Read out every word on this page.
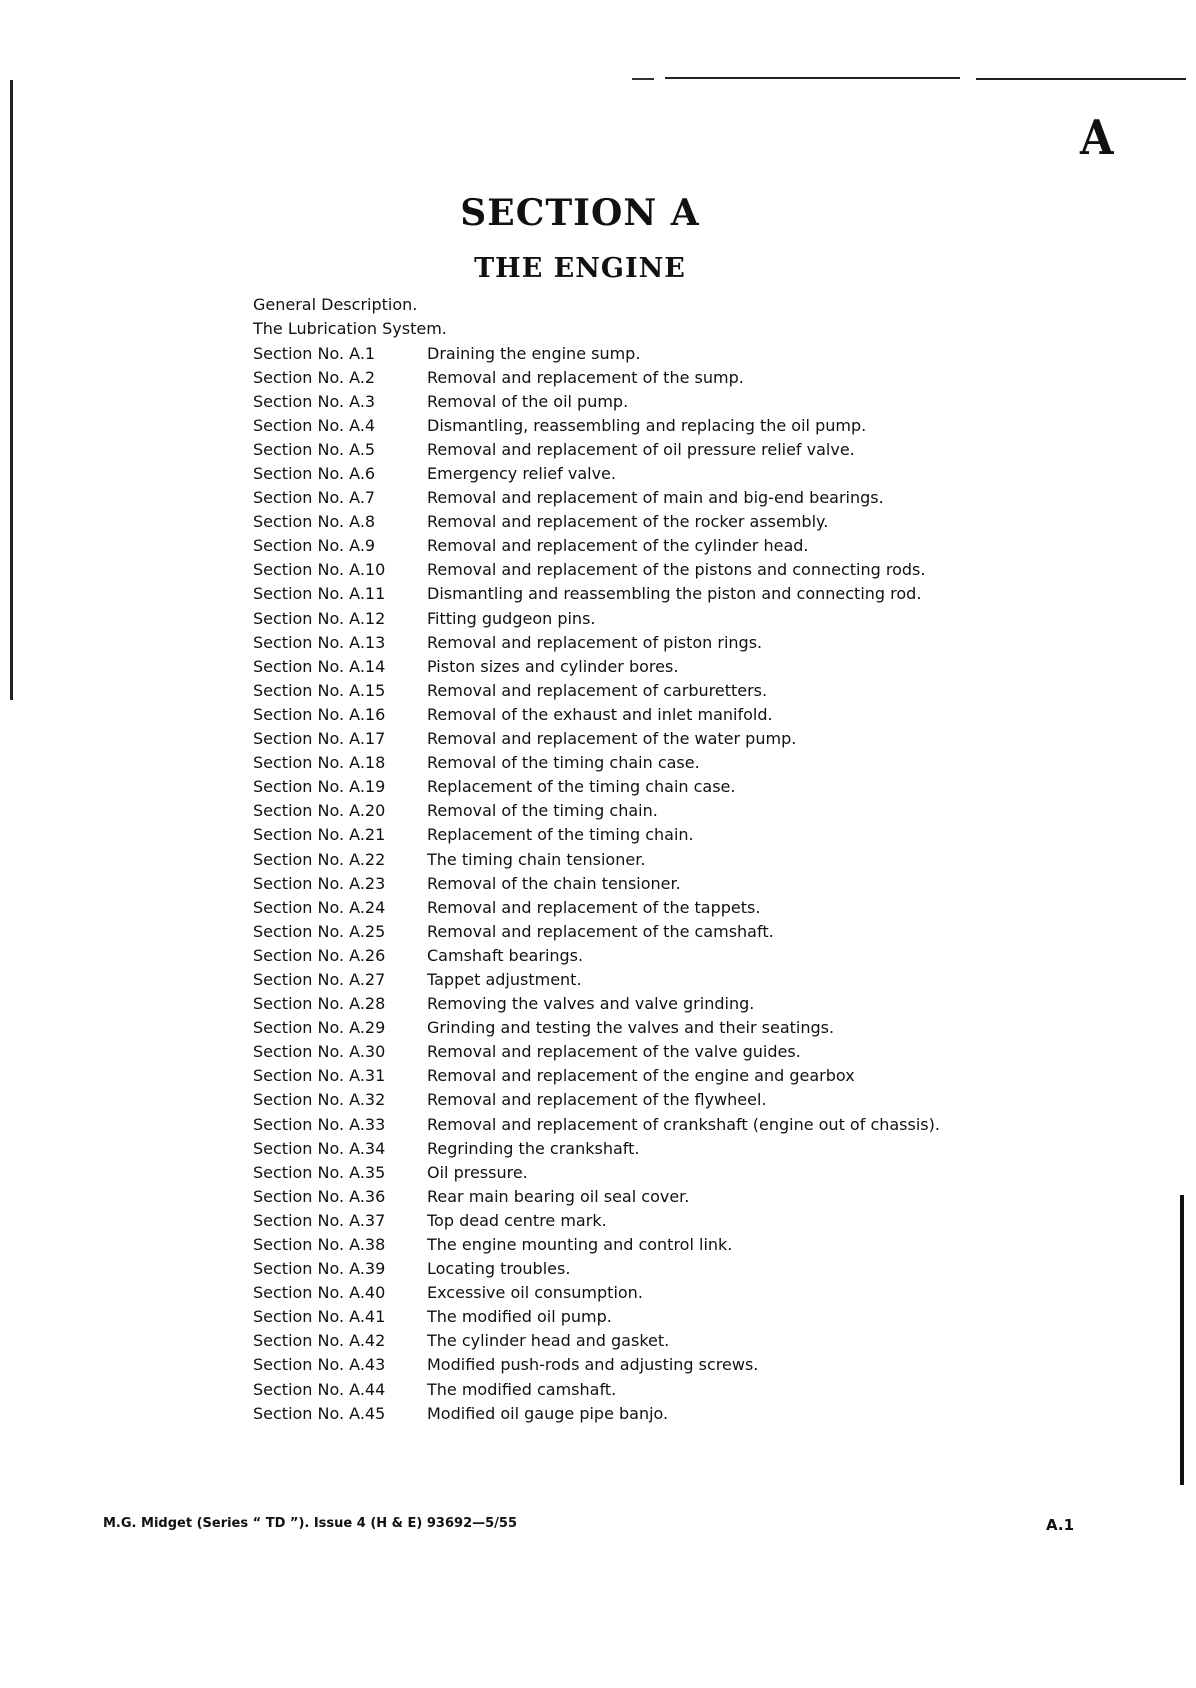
A
SECTION A
THE ENGINE
General Description.
The Lubrication System.
Section No. A.1	Draining the engine sump.
Section No. A.2	Removal and replacement of the sump.
Section No. A.3	Removal of the oil pump.
Section No. A.4	Dismantling, reassembling and replacing the oil pump.
Section No. A.5	Removal and replacement of oil pressure relief valve.
Section No. A.6	Emergency relief valve.
Section No. A.7	Removal and replacement of main and big-end bearings.
Section No. A.8	Removal and replacement of the rocker assembly.
Section No. A.9	Removal and replacement of the cylinder head.
Section No. A.10	Removal and replacement of the pistons and connecting rods.
Section No. A.11	Dismantling and reassembling the piston and connecting rod.
Section No. A.12	Fitting gudgeon pins.
Section No. A.13	Removal and replacement of piston rings.
Section No. A.14	Piston sizes and cylinder bores.
Section No. A.15	Removal and replacement of carburetters.
Section No. A.16	Removal of the exhaust and inlet manifold.
Section No. A.17	Removal and replacement of the water pump.
Section No. A.18	Removal of the timing chain case.
Section No. A.19	Replacement of the timing chain case.
Section No. A.20	Removal of the timing chain.
Section No. A.21	Replacement of the timing chain.
Section No. A.22	The timing chain tensioner.
Section No. A.23	Removal of the chain tensioner.
Section No. A.24	Removal and replacement of the tappets.
Section No. A.25	Removal and replacement of the camshaft.
Section No. A.26	Camshaft bearings.
Section No. A.27	Tappet adjustment.
Section No. A.28	Removing the valves and valve grinding.
Section No. A.29	Grinding and testing the valves and their seatings.
Section No. A.30	Removal and replacement of the valve guides.
Section No. A.31	Removal and replacement of the engine and gearbox
Section No. A.32	Removal and replacement of the flywheel.
Section No. A.33	Removal and replacement of crankshaft (engine out of chassis).
Section No. A.34	Regrinding the crankshaft.
Section No. A.35	Oil pressure.
Section No. A.36	Rear main bearing oil seal cover.
Section No. A.37	Top dead centre mark.
Section No. A.38	The engine mounting and control link.
Section No. A.39	Locating troubles.
Section No. A.40	Excessive oil consumption.
Section No. A.41	The modified oil pump.
Section No. A.42	The cylinder head and gasket.
Section No. A.43	Modified push-rods and adjusting screws.
Section No. A.44	The modified camshaft.
Section No. A.45	Modified oil gauge pipe banjo.
M.G. Midget (Series “ TD ”). Issue 4 (H & E) 93692—5/55	A.1
